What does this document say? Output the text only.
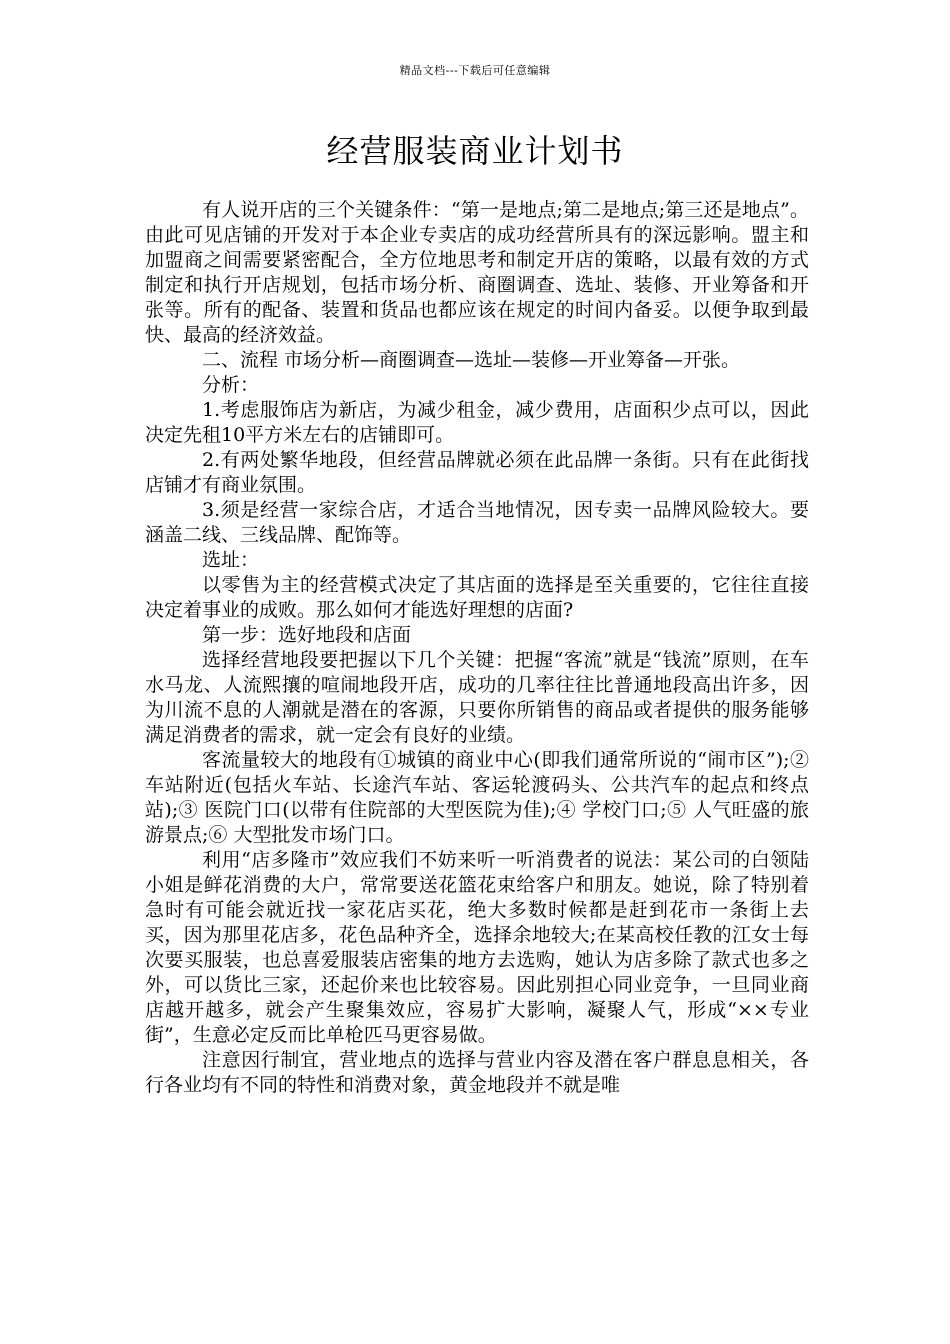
精品文档---下载后可任意编辑
经营服装商业计划书

有人说开店的三个关键条件：“第一是地点;第二是地点;第三还是地点”。由此可见店铺的开发对于本企业专卖店的成功经营所具有的深远影响。盟主和加盟商之间需要紧密配合，全方位地思考和制定开店的策略，以最有效的方式制定和执行开店规划，包括市场分析、商圈调查、选址、装修、开业筹备和开张等。所有的配备、装置和货品也都应该在规定的时间内备妥。以便争取到最快、最高的经济效益。

二、流程 市场分析—商圈调查—选址—装修—开业筹备—开张。

分析：

1.考虑服饰店为新店，为减少租金，减少费用，店面积少点可以，因此决定先租10平方米左右的店铺即可。

2.有两处繁华地段，但经营品牌就必须在此品牌一条街。只有在此街找店铺才有商业氛围。

3.须是经营一家综合店，才适合当地情况，因专卖一品牌风险较大。要涵盖二线、三线品牌、配饰等。

选址：

以零售为主的经营模式决定了其店面的选择是至关重要的，它往往直接决定着事业的成败。那么如何才能选好理想的店面?

第一步：选好地段和店面

选择经营地段要把握以下几个关键：把握“客流”就是“钱流”原则，在车水马龙、人流熙攘的喧闹地段开店，成功的几率往往比普通地段高出许多，因为川流不息的人潮就是潜在的客源，只要你所销售的商品或者提供的服务能够满足消费者的需求，就一定会有良好的业绩。

客流量较大的地段有①城镇的商业中心(即我们通常所说的“闹市区”);② 车站附近(包括火车站、长途汽车站、客运轮渡码头、公共汽车的起点和终点站);③ 医院门口(以带有住院部的大型医院为佳);④ 学校门口;⑤ 人气旺盛的旅游景点;⑥ 大型批发市场门口。

利用“店多隆市”效应我们不妨来听一听消费者的说法：某公司的白领陆小姐是鲜花消费的大户，常常要送花篮花束给客户和朋友。她说，除了特别着急时有可能会就近找一家花店买花，绝大多数时候都是赶到花市一条街上去买，因为那里花店多，花色品种齐全，选择余地较大;在某高校任教的江女士每次要买服装，也总喜爱服装店密集的地方去选购，她认为店多除了款式也多之外，可以货比三家，还起价来也比较容易。因此别担心同业竞争，一旦同业商店越开越多，就会产生聚集效应，容易扩大影响，凝聚人气，形成“××专业街”，生意必定反而比单枪匹马更容易做。

注意因行制宜，营业地点的选择与营业内容及潜在客户群息息相关，各行各业均有不同的特性和消费对象，黄金地段并不就是唯
